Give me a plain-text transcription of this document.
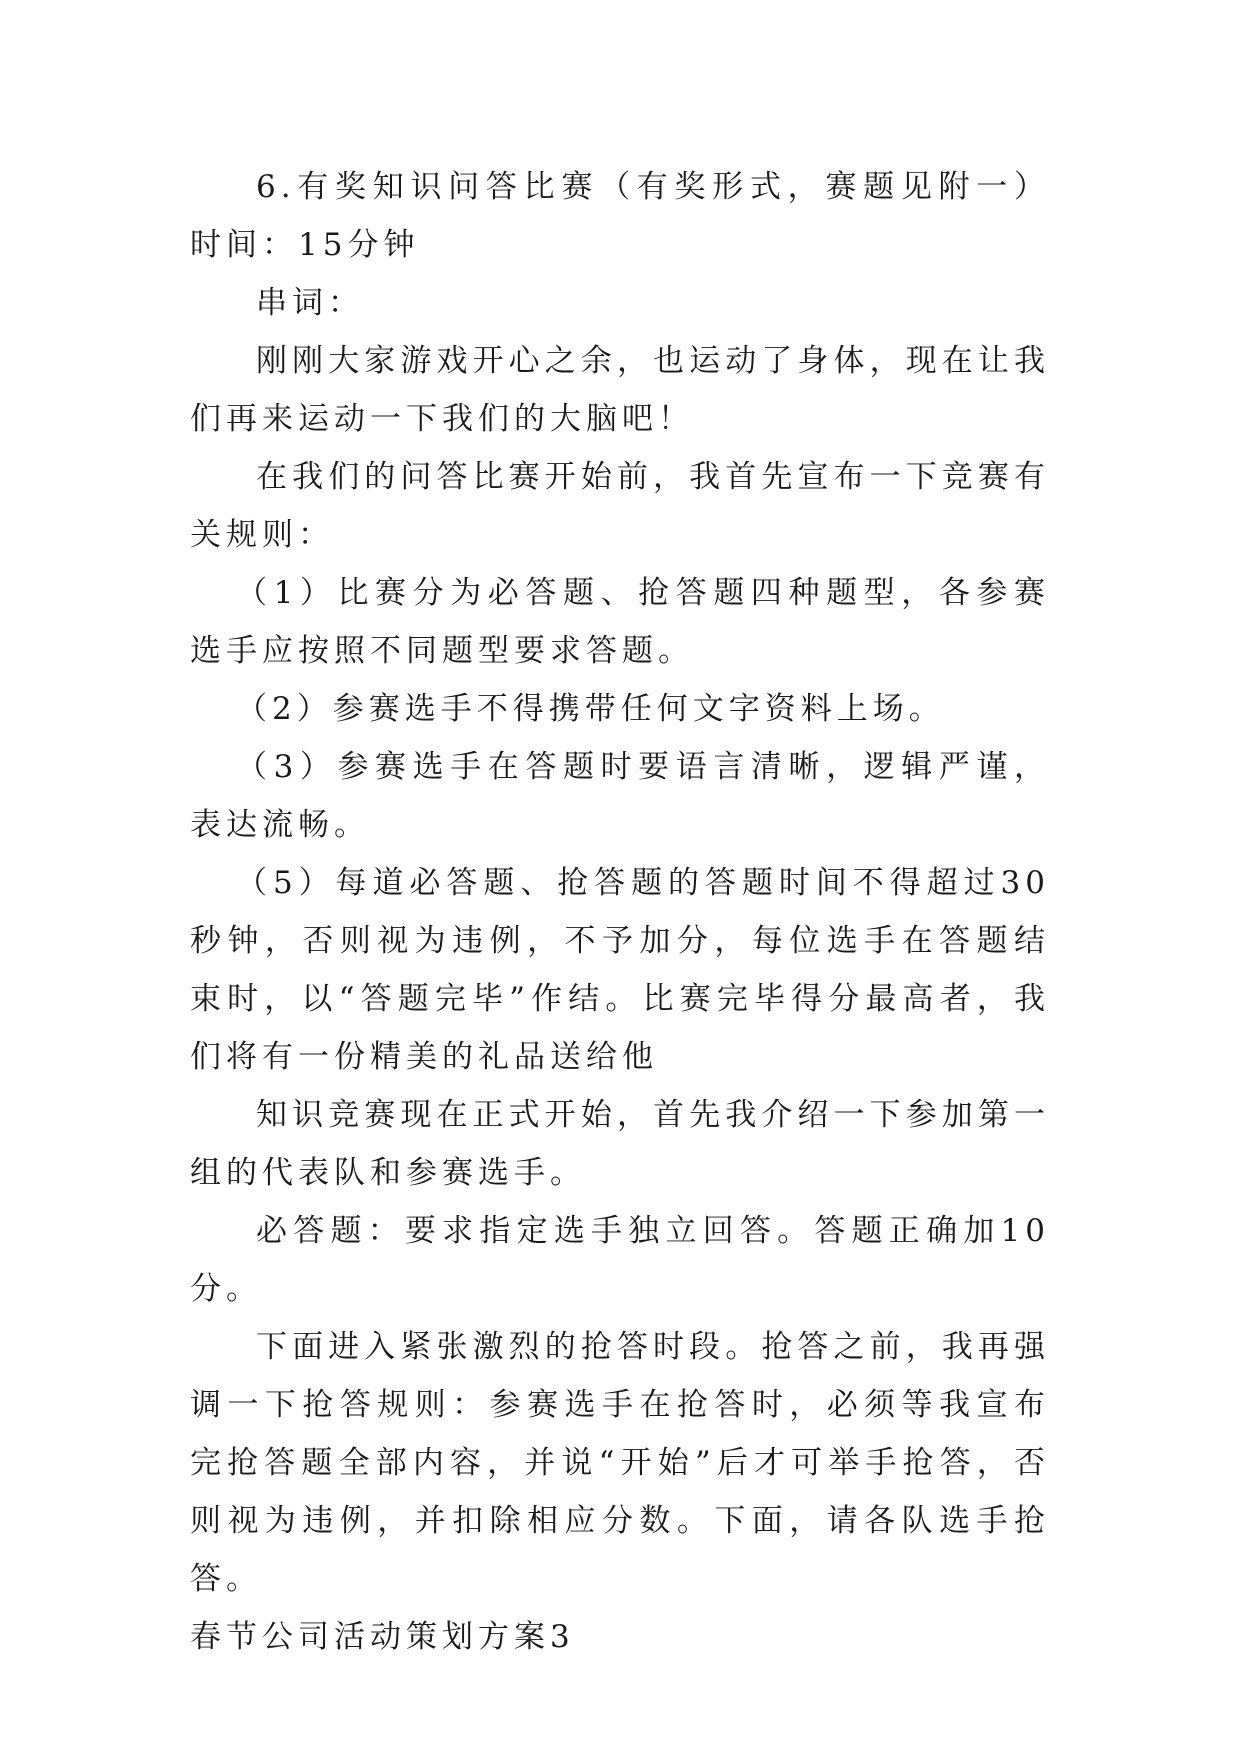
6.有奖知识问答比赛（有奖形式，赛题见附一）时间：15分钟

串词：

刚刚大家游戏开心之余，也运动了身体，现在让我们再来运动一下我们的大脑吧！

在我们的问答比赛开始前，我首先宣布一下竞赛有关规则：

（1）比赛分为必答题、抢答题四种题型，各参赛选手应按照不同题型要求答题。

（2）参赛选手不得携带任何文字资料上场。

（3）参赛选手在答题时要语言清晰，逻辑严谨，表达流畅。

（5）每道必答题、抢答题的答题时间不得超过30秒钟，否则视为违例，不予加分，每位选手在答题结束时，以“答题完毕”作结。比赛完毕得分最高者，我们将有一份精美的礼品送给他

知识竞赛现在正式开始，首先我介绍一下参加第一组的代表队和参赛选手。

必答题：要求指定选手独立回答。答题正确加10分。

下面进入紧张激烈的抢答时段。抢答之前，我再强调一下抢答规则：参赛选手在抢答时，必须等我宣布完抢答题全部内容，并说“开始”后才可举手抢答，否则视为违例，并扣除相应分数。下面，请各队选手抢答。

春节公司活动策划方案3
